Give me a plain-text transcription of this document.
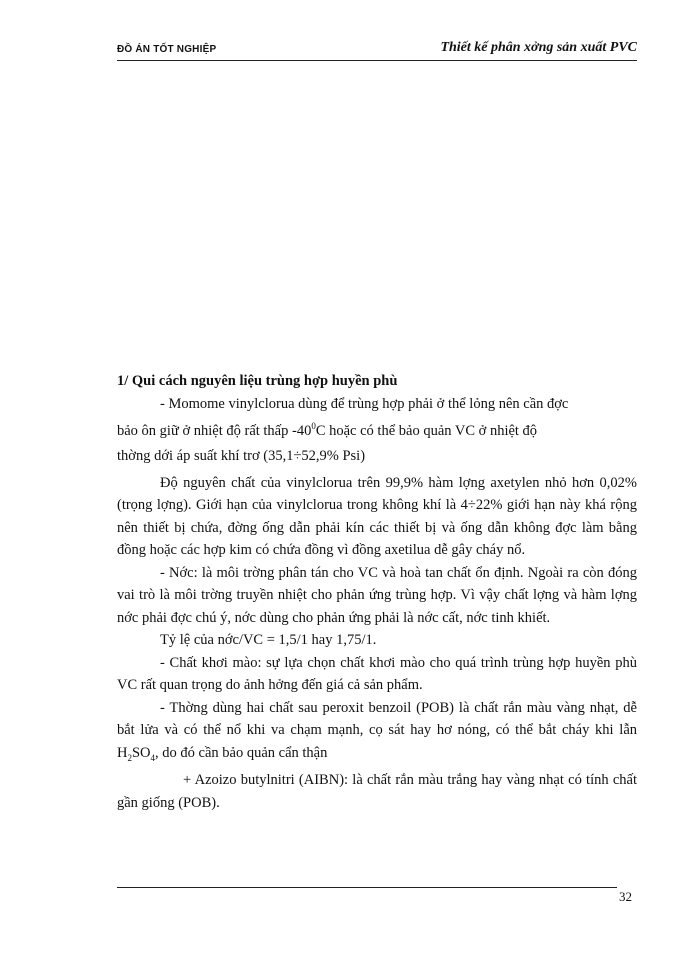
ĐỒ ÁN TỐT NGHIỆP	Thiết kế phân xởng sản xuất PVC

1/ Qui cách nguyên liệu trùng hợp huyền phù

- Momome vinylclorua dùng để trùng hợp phải ở thể lỏng nên cần đợc
bảo ôn giữ ở nhiệt độ rất thấp $-40^0C$ hoặc có thể bảo quản VC ở nhiệt độ
thờng dới áp suất khí trơ (35,1÷52,9% Psi)

Độ nguyên chất của vinylclorua trên 99,9% hàm lợng axetylen nhỏ hơn 0,02% (trọng lợng). Giới hạn của vinylclorua trong không khí là 4÷22% giới hạn này khá rộng nên thiết bị chứa, đờng ống dẫn phải kín các thiết bị và ống dẫn không đợc làm bằng đồng hoặc các hợp kim có chứa đồng vì đồng axetilua dễ gây cháy nổ.

- Nớc: là môi trờng phân tán cho VC và hoà tan chất ổn định. Ngoài ra còn đóng vai trò là môi trờng truyền nhiệt cho phản ứng trùng hợp. Vì vậy chất lợng và hàm lợng nớc phải đợc chú ý, nớc dùng cho phản ứng phải là nớc cất, nớc tinh khiết.

Tỷ lệ của nớc/VC = 1,5/1 hay 1,75/1.

- Chất khơi mào: sự lựa chọn chất khơi mào cho quá trình trùng hợp huyền phù VC rất quan trọng do ảnh hởng đến giá cả sản phẩm.

- Thờng dùng hai chất sau peroxit benzoil (POB) là chất rắn màu vàng nhạt, dễ bắt lửa và có thể nổ khi va chạm mạnh, cọ sát hay hơ nóng, có thể bắt cháy khi lẫn $H_2SO_4$, do đó cần bảo quản cẩn thận

+ Azoizo butylnitri (AIBN): là chất rắn màu trắng hay vàng nhạt có tính chất gần giống (POB).

32
